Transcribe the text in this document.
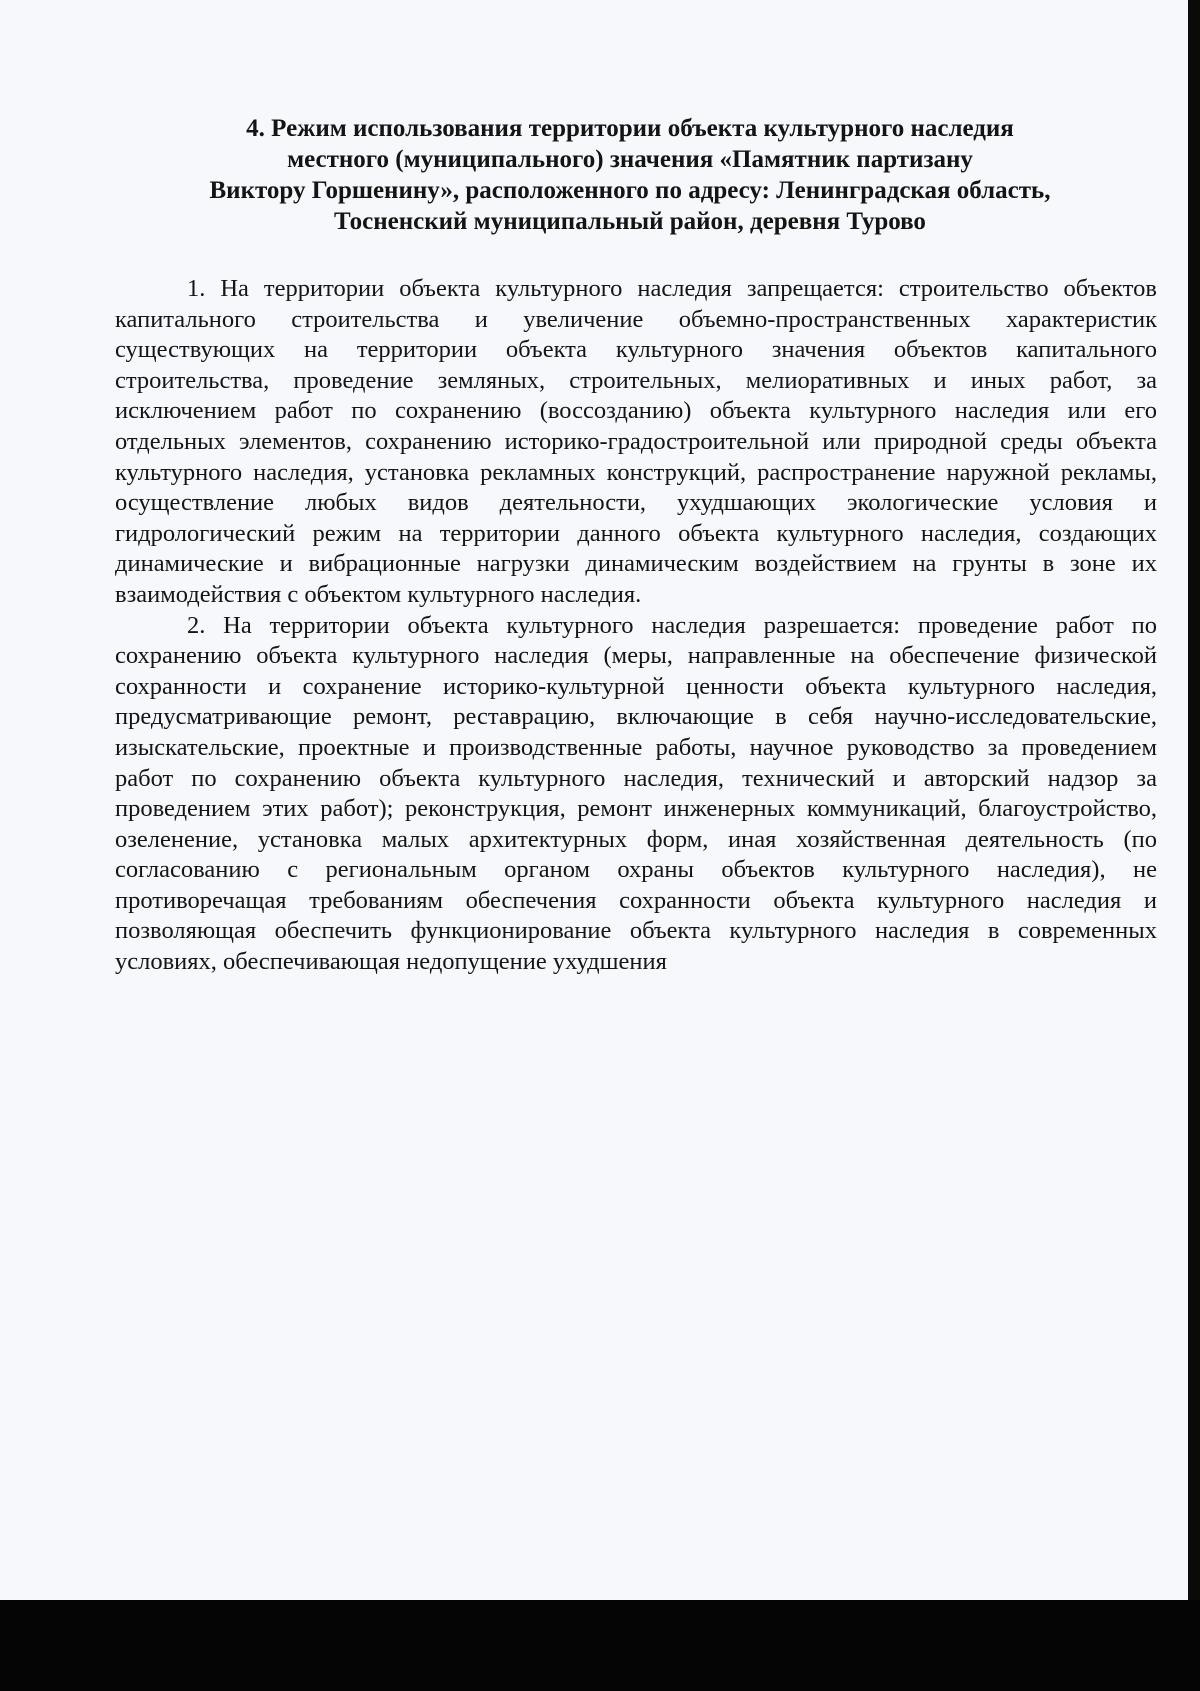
4. Режим использования территории объекта культурного наследия
местного (муниципального) значения «Памятник партизану
Виктору Горшенину», расположенного по адресу: Ленинградская область,
Тосненский муниципальный район, деревня Турово

1. На территории объекта культурного наследия запрещается: строительство объектов капитального строительства и увеличение объемно-пространственных характеристик существующих на территории объекта культурного значения объектов капитального строительства, проведение земляных, строительных, мелиоративных и иных работ, за исключением работ по сохранению (воссозданию) объекта культурного наследия или его отдельных элементов, сохранению историко-градостроительной или природной среды объекта культурного наследия, установка рекламных конструкций, распространение наружной рекламы, осуществление любых видов деятельности, ухудшающих экологические условия и гидрологический режим на территории данного объекта культурного наследия, создающих динамические и вибрационные нагрузки динамическим воздействием на грунты в зоне их взаимодействия с объектом культурного наследия.

2. На территории объекта культурного наследия разрешается: проведение работ по сохранению объекта культурного наследия (меры, направленные на обеспечение физической сохранности и сохранение историко-культурной ценности объекта культурного наследия, предусматривающие ремонт, реставрацию, включающие в себя научно-исследовательские, изыскательские, проектные и производственные работы, научное руководство за проведением работ по сохранению объекта культурного наследия, технический и авторский надзор за проведением этих работ); реконструкция, ремонт инженерных коммуникаций, благоустройство, озеленение, установка малых архитектурных форм, иная хозяйственная деятельность (по согласованию с региональным органом охраны объектов культурного наследия), не противоречащая требованиям обеспечения сохранности объекта культурного наследия и позволяющая обеспечить функционирование объекта культурного наследия в современных условиях, обеспечивающая недопущение ухудшения
